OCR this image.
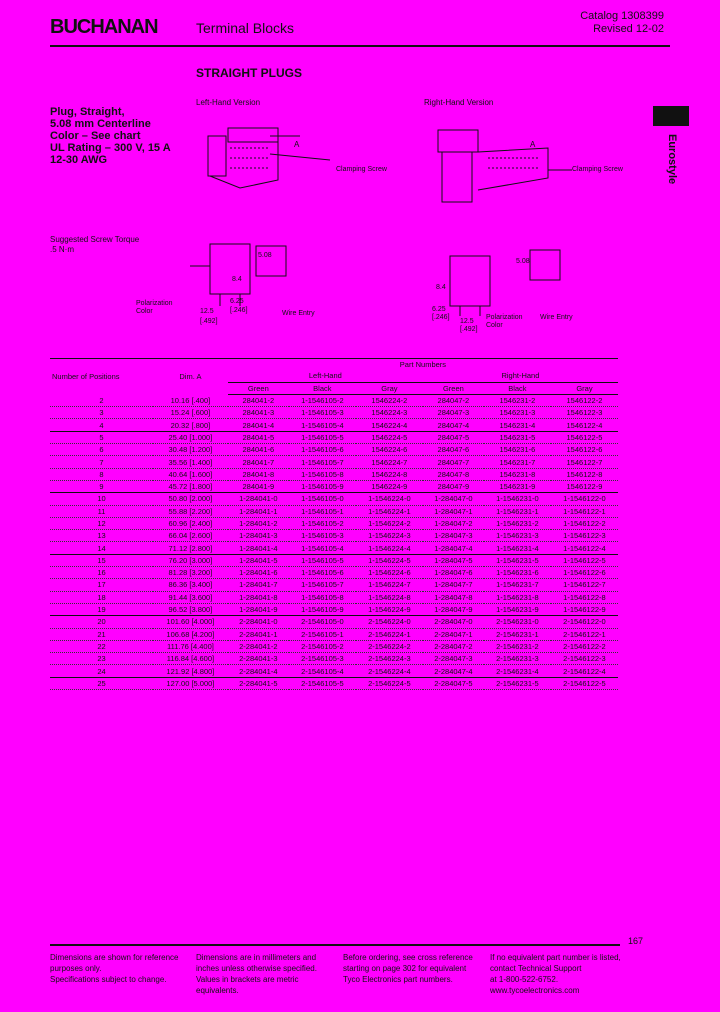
BUCHANAN	Terminal Blocks
Catalog 1308399
Revised 12-02
STRAIGHT PLUGS
Plug, Straight,
5.08 mm Centerline
Color – See chart
UL Rating – 300 V, 15 A
12-30 AWG	Eurostyle
Left-Hand Version	Right-Hand Version
A
Clamping Screw
A
Clamping Screw
Suggested Screw Torque
.5 N·m
5.08
8.4
Polarization Color	12.5
[.492]
6.25
[.246]	Wire Entry
5.08
8.4
6.25
[.246]
12.5
[.492]
Polarization Color
Wire Entry
Number of Positions	Dim. A	Part Numbers					
		Left-Hand			Right-Hand		
		Green	Black	Gray	Green	Black	Gray
2	10.16 [.400]	284041-2	1-1546105-2	1546224-2	284047-2	1546231-2	1546122-2
3	15.24 [.600]	284041-3	1-1546105-3	1546224-3	284047-3	1546231-3	1546122-3
4	20.32 [.800]	284041-4	1-1546105-4	1546224-4	284047-4	1546231-4	1546122-4
5	25.40 [1.000]	284041-5	1-1546105-5	1546224-5	284047-5	1546231-5	1546122-5
6	30.48 [1.200]	284041-6	1-1546105-6	1546224-6	284047-6	1546231-6	1546122-6
7	35.56 [1.400]	284041-7	1-1546105-7	1546224-7	284047-7	1546231-7	1546122-7
8	40.64 [1.600]	284041-8	1-1546105-8	1546224-8	284047-8	1546231-8	1546122-8
9	45.72 [1.800]	284041-9	1-1546105-9	1546224-9	284047-9	1546231-9	1546122-9
10	50.80 [2.000]	1-284041-0	1-1546105-0	1-1546224-0	1-284047-0	1-1546231-0	1-1546122-0
11	55.88 [2.200]	1-284041-1	1-1546105-1	1-1546224-1	1-284047-1	1-1546231-1	1-1546122-1
12	60.96 [2.400]	1-284041-2	1-1546105-2	1-1546224-2	1-284047-2	1-1546231-2	1-1546122-2
13	66.04 [2.600]	1-284041-3	1-1546105-3	1-1546224-3	1-284047-3	1-1546231-3	1-1546122-3
14	71.12 [2.800]	1-284041-4	1-1546105-4	1-1546224-4	1-284047-4	1-1546231-4	1-1546122-4
15	76.20 [3.000]	1-284041-5	1-1546105-5	1-1546224-5	1-284047-5	1-1546231-5	1-1546122-5
16	81.28 [3.200]	1-284041-6	1-1546105-6	1-1546224-6	1-284047-6	1-1546231-6	1-1546122-6
17	86.36 [3.400]	1-284041-7	1-1546105-7	1-1546224-7	1-284047-7	1-1546231-7	1-1546122-7
18	91.44 [3.600]	1-284041-8	1-1546105-8	1-1546224-8	1-284047-8	1-1546231-8	1-1546122-8
19	96.52 [3.800]	1-284041-9	1-1546105-9	1-1546224-9	1-284047-9	1-1546231-9	1-1546122-9
20	101.60 [4.000]	2-284041-0	2-1546105-0	2-1546224-0	2-284047-0	2-1546231-0	2-1546122-0
21	106.68 [4.200]	2-284041-1	2-1546105-1	2-1546224-1	2-284047-1	2-1546231-1	2-1546122-1
22	111.76 [4.400]	2-284041-2	2-1546105-2	2-1546224-2	2-284047-2	2-1546231-2	2-1546122-2
23	116.84 [4.600]	2-284041-3	2-1546105-3	2-1546224-3	2-284047-3	2-1546231-3	2-1546122-3
24	121.92 [4.800]	2-284041-4	2-1546105-4	2-1546224-4	2-284047-4	2-1546231-4	2-1546122-4
25	127.00 [5.000]	2-284041-5	2-1546105-5	2-1546224-5	2-284047-5	2-1546231-5	2-1546122-5
167
Dimensions are shown for reference
purposes only.
Specifications subject to change.
Dimensions are in millimeters and
inches unless otherwise specified.
Values in brackets are metric
equivalents.
Before ordering, see cross reference
starting on page 302 for equivalent
Tyco Electronics part numbers.
If no equivalent part number is listed,
contact Technical Support
at 1-800-522-6752.
www.tycoelectronics.com
